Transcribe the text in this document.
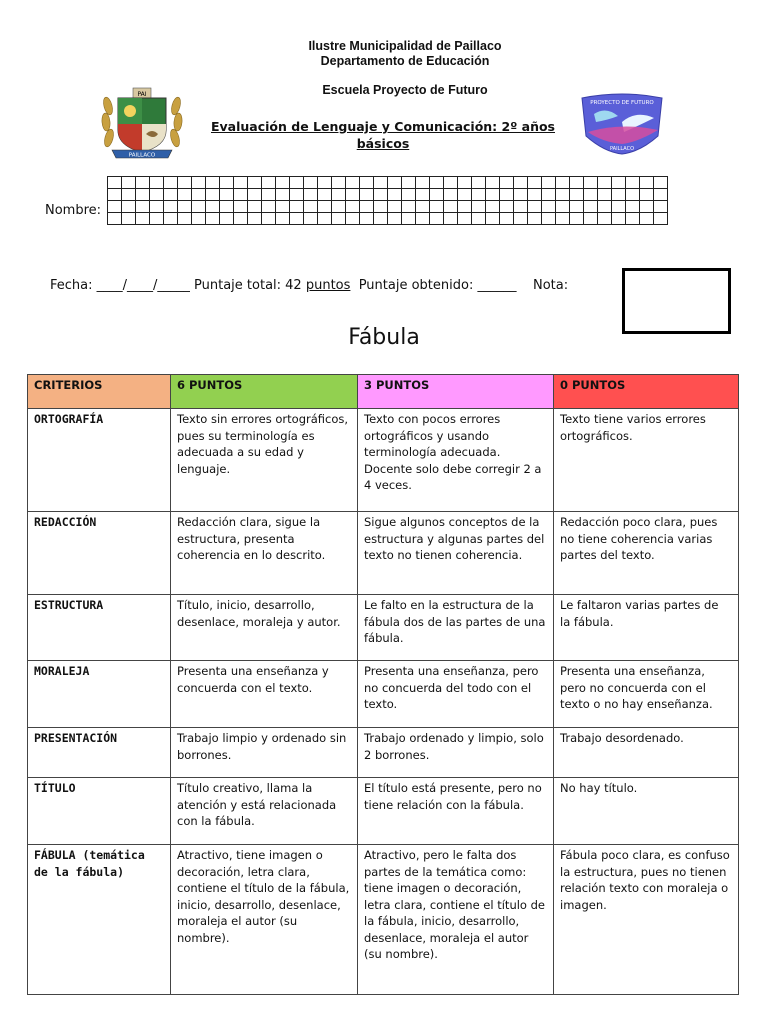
Ilustre Municipalidad de Paillaco
Departamento de Educación
Escuela Proyecto de Futuro
PAI
PAILLACO
Evaluación de Lenguaje y Comunicación: 2º años básicos
PROYECTO DE FUTURO
PAILLACO
Nombre:

Fecha: ____/____/_____ Puntaje total: 42 puntos Puntaje obtenido: ______ Nota:
Fábula
CRITERIOS	6 PUNTOS	3 PUNTOS	0 PUNTOS
ORTOGRAFÍA	Texto sin errores ortográficos, pues su terminología es adecuada a su edad y lenguaje.	Texto con pocos errores ortográficos y usando terminología adecuada. Docente solo debe corregir 2 a 4 veces.	Texto tiene varios errores ortográficos.
REDACCIÓN	Redacción clara, sigue la estructura, presenta coherencia en lo descrito.	Sigue algunos conceptos de la estructura y algunas partes del texto no tienen coherencia.	Redacción poco clara, pues no tiene coherencia varias partes del texto.
ESTRUCTURA	Título, inicio, desarrollo, desenlace, moraleja y autor.	Le falto en la estructura de la fábula dos de las partes de una fábula.	Le faltaron varias partes de la fábula.
MORALEJA	Presenta una enseñanza y concuerda con el texto.	Presenta una enseñanza, pero no concuerda del todo con el texto.	Presenta una enseñanza, pero no concuerda con el texto o no hay enseñanza.
PRESENTACIÓN	Trabajo limpio y ordenado sin borrones.	Trabajo ordenado y limpio, solo 2 borrones.	Trabajo desordenado.
TÍTULO	Título creativo, llama la atención y está relacionada con la fábula.	El título está presente, pero no tiene relación con la fábula.	No hay título.
FÁBULA (temática de la fábula)	Atractivo, tiene imagen o decoración, letra clara, contiene el título de la fábula, inicio, desarrollo, desenlace, moraleja el autor (su nombre).	Atractivo, pero le falta dos partes de la temática como: tiene imagen o decoración, letra clara, contiene el título de la fábula, inicio, desarrollo, desenlace, moraleja el autor (su nombre).	Fábula poco clara, es confuso la estructura, pues no tienen relación texto con moraleja o imagen.
